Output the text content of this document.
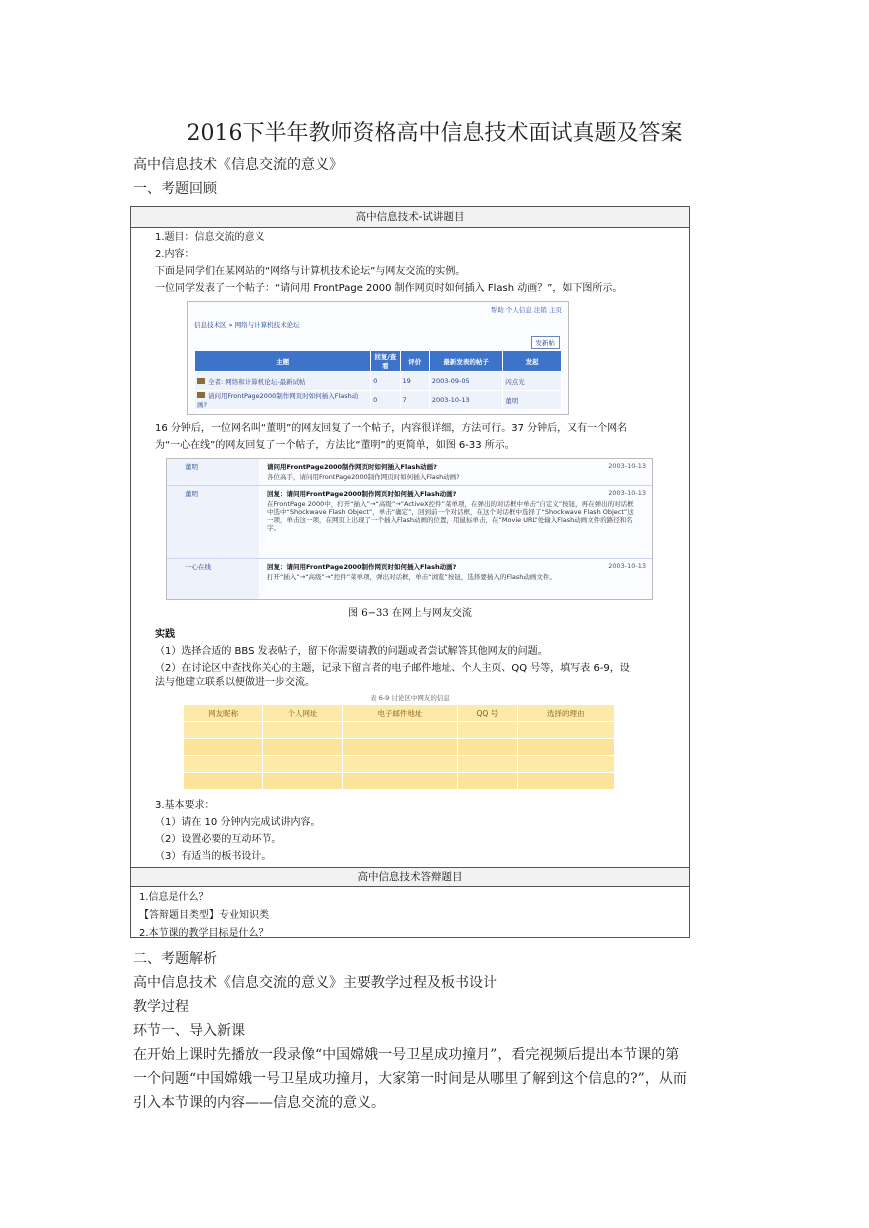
2016下半年教师资格高中信息技术面试真题及答案
高中信息技术《信息交流的意义》
一、考题回顾
高中信息技术-试讲题目

1.题目：信息交流的意义

2.内容：

下面是同学们在某网站的“网络与计算机技术论坛”与网友交流的实例。

一位同学发表了一个帖子：“请问用 FrontPage 2000 制作网页时如何插入 Flash 动画？”，如下图所示。

帮助 个人信息 注销 主页
信息技术区 » 网络与计算机技术论坛
发新帖
主题	回复/查看	评价	最新发表的帖子	发起
全者: 网络和计算机论坛-最新试帖	0	19	2003-09-05	闪点光
请问用FrontPage2000制作网页时如何插入Flash动画?	0	7	2003-10-13	董明

16 分钟后，一位网名叫“董明”的网友回复了一个帖子，内容很详细，方法可行。37 分钟后，又有一个网名

为“一心在线”的网友回复了一个帖子，方法比“董明”的更简单，如图 6-33 所示。

董明	请问用FrontPage2000制作网页时如何插入Flash动画?	2003-10-13
各位高手，请问用FrontPage2000制作网页时如何插入Flash动画?
董明	回复：请问用FrontPage2000制作网页时如何插入Flash动画?	2003-10-13
在FrontPage 2000中，打开“插入”→“高级”→“ActiveX控件”菜单项，在弹出的对话框中单击“自定义”按钮，再在弹出的对话框中选中“Shockwave Flash Object”，单击“确定”，回到前一个对话框，在这个对话框中选择了“Shockwave Flash Object”这一项，单击这一项，在网页上出现了一个插入Flash动画的位置，用鼠标单击，在“Movie URL”处输入Flash动画文件的路径和名字。
一心在线	回复：请问用FrontPage2000制作网页时如何插入Flash动画?	2003-10-13
打开“插入”→“高级”→“控件”菜单项，弹出对话框，单击“浏览”按钮，选择要插入的Flash动画文件。
图 6−33 在网上与网友交流

实践

（1）选择合适的 BBS 发表帖子，留下你需要请教的问题或者尝试解答其他网友的问题。

（2）在讨论区中查找你关心的主题，记录下留言者的电子邮件地址、个人主页、QQ 号等，填写表 6-9，设

法与他建立联系以便做进一步交流。

表 6-9 讨论区中网友的信息
网友昵称	个人网址	电子邮件地址	QQ 号	选择的理由

3.基本要求：

（1）请在 10 分钟内完成试讲内容。

（2）设置必要的互动环节。

（3）有适当的板书设计。

高中信息技术答辩题目

1.信息是什么？

【答辩题目类型】专业知识类

2.本节课的教学目标是什么？

二、考题解析
高中信息技术《信息交流的意义》主要教学过程及板书设计
教学过程
环节一、导入新课
在开始上课时先播放一段录像“中国嫦娥一号卫星成功撞月”，看完视频后提出本节课的第
一个问题“中国嫦娥一号卫星成功撞月，大家第一时间是从哪里了解到这个信息的?”，从而
引入本节课的内容——信息交流的意义。
